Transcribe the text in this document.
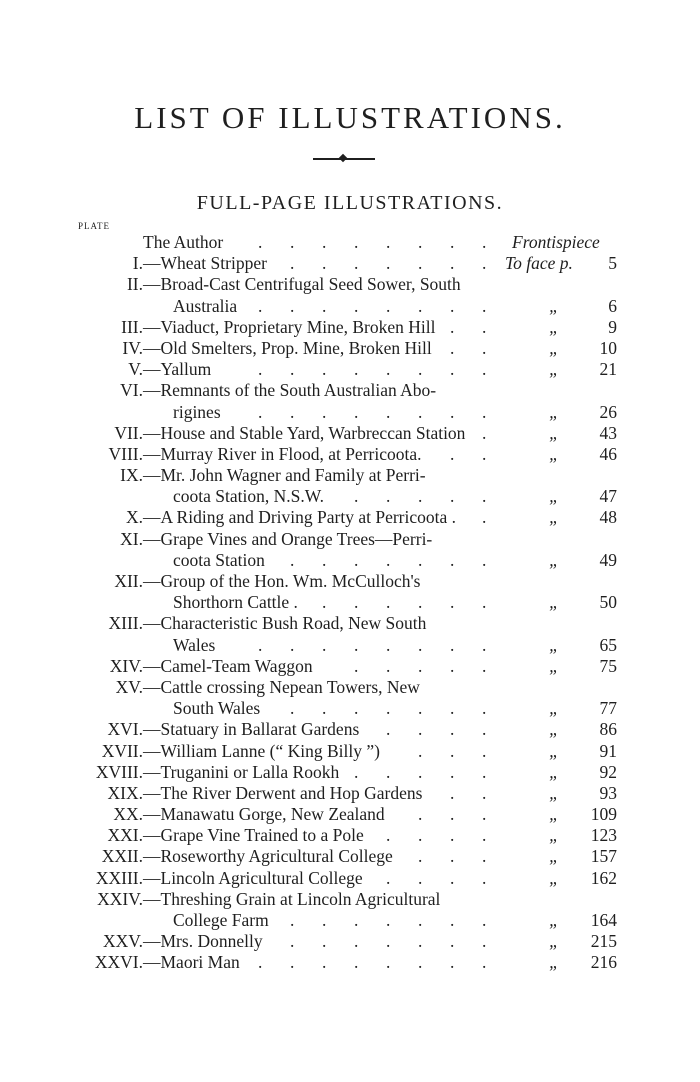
LIST OF ILLUSTRATIONS.
FULL-PAGE ILLUSTRATIONS.
PLATE
The Author	Frontispiece
. . . . . . . .
I. —Wheat Stripper	To face p. 5
. . . . . . .
II. —Broad-Cast Centrifugal Seed Sower, South
Australia	„	6
. . . . . . . .
III. —Viaduct, Proprietary Mine, Broken Hill	„	9
. .
IV. —Old Smelters, Prop. Mine, Broken Hill	„	10
. .
V. —Yallum	„	21
. . . . . . . .
VI. —Remnants of the South Australian Abo-
rigines	„	26
. . . . . . . .
VII. —House and Stable Yard, Warbreccan Station	„	43
.
VIII. —Murray River in Flood, at Perricoota.	„	46
. .
IX. —Mr. John Wagner and Family at Perri-
coota Station, N.S.W.	„	47
. . . . .
X. —A Riding and Driving Party at Perricoota .	„	48
.
XI. —Grape Vines and Orange Trees—Perri-
coota Station	„	49
. . . . . . .
XII. —Group of the Hon. Wm. McCulloch's
Shorthorn Cattle .	„	50
. . . . . .
XIII. —Characteristic Bush Road, New South
Wales	„	65
. . . . . . . .
XIV. —Camel-Team Waggon	„	75
. . . . .
XV. —Cattle crossing Nepean Towers, New
South Wales	„	77
. . . . . . .
XVI. —Statuary in Ballarat Gardens	„	86
. . . .
XVII. —William Lanne (“ King Billy ”)	„	91
. . .
XVIII. —Truganini or Lalla Rookh	„	92
. . . . .
XIX. —The River Derwent and Hop Gardens	„	93
. .
XX. —Manawatu Gorge, New Zealand	„	109
. . .
XXI. —Grape Vine Trained to a Pole	„	123
. . . .
XXII. —Roseworthy Agricultural College	„	157
. . .
XXIII. —Lincoln Agricultural College	„	162
. . . .
XXIV. —Threshing Grain at Lincoln Agricultural
College Farm	„	164
. . . . . . .
XXV. —Mrs. Donnelly	„	215
. . . . . . .
XXVI. —Maori Man	„	216
. . . . . . . .
